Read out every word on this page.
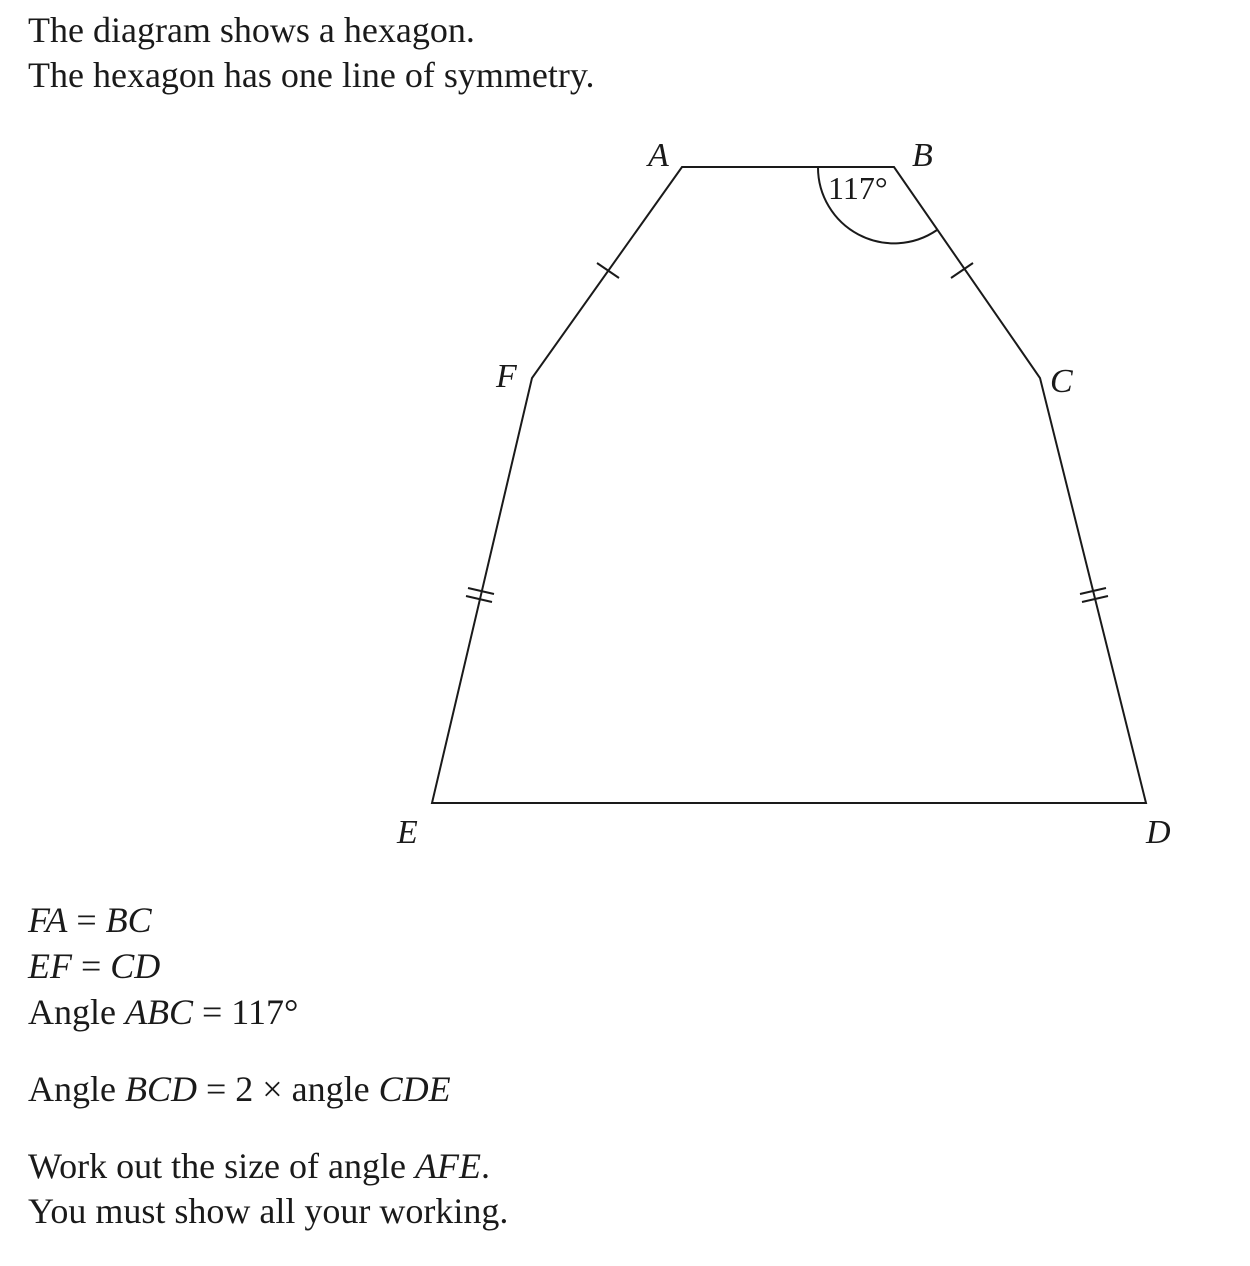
The diagram shows a hexagon.
The hexagon has one line of symmetry.
A	B
C
D
E
F
117°
FA = BC
EF = CD
Angle ABC = 117°
Angle BCD = 2 × angle CDE
Work out the size of angle AFE.
You must show all your working.
